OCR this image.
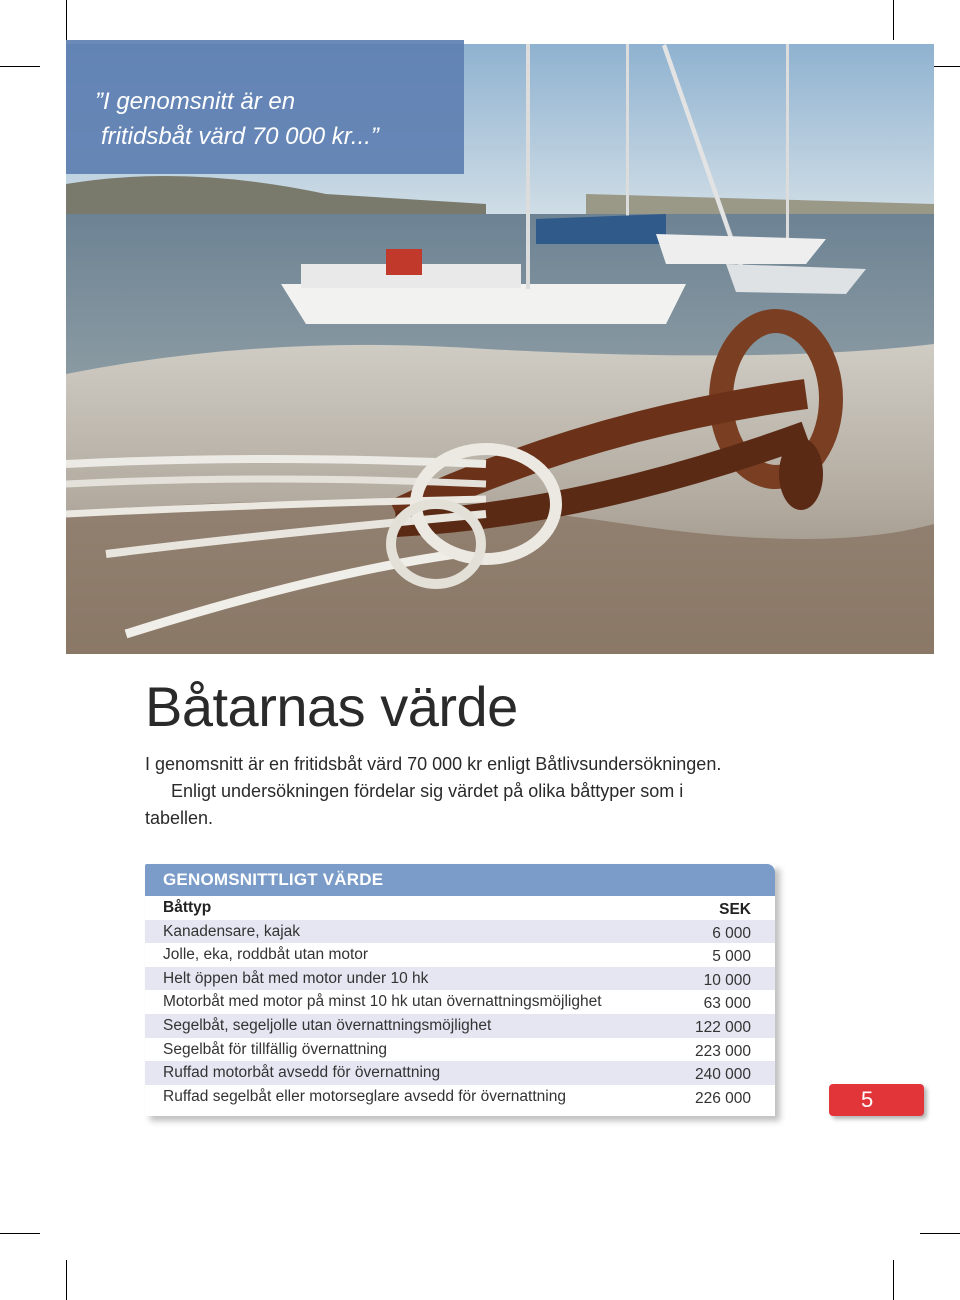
”I genomsnitt är en
fritidsbåt värd 70 000 kr...”
Båtarnas värde

I genomsnitt är en fritidsbåt värd 70 000 kr enligt Båtlivsundersökningen.
Enligt undersökningen fördelar sig värdet på olika båttyper som i
tabellen.

GENOMSNITTLIGT VÄRDE
Båttyp	SEK
Kanadensare, kajak	6 000
Jolle, eka, roddbåt utan motor	5 000
Helt öppen båt med motor under 10 hk	10 000
Motorbåt med motor på minst 10 hk utan övernattningsmöjlighet	63 000
Segelbåt, segeljolle utan övernattningsmöjlighet	122 000
Segelbåt för tillfällig övernattning	223 000
Ruffad motorbåt avsedd för övernattning	240 000
Ruffad segelbåt eller motorseglare avsedd för övernattning	226 000	5
